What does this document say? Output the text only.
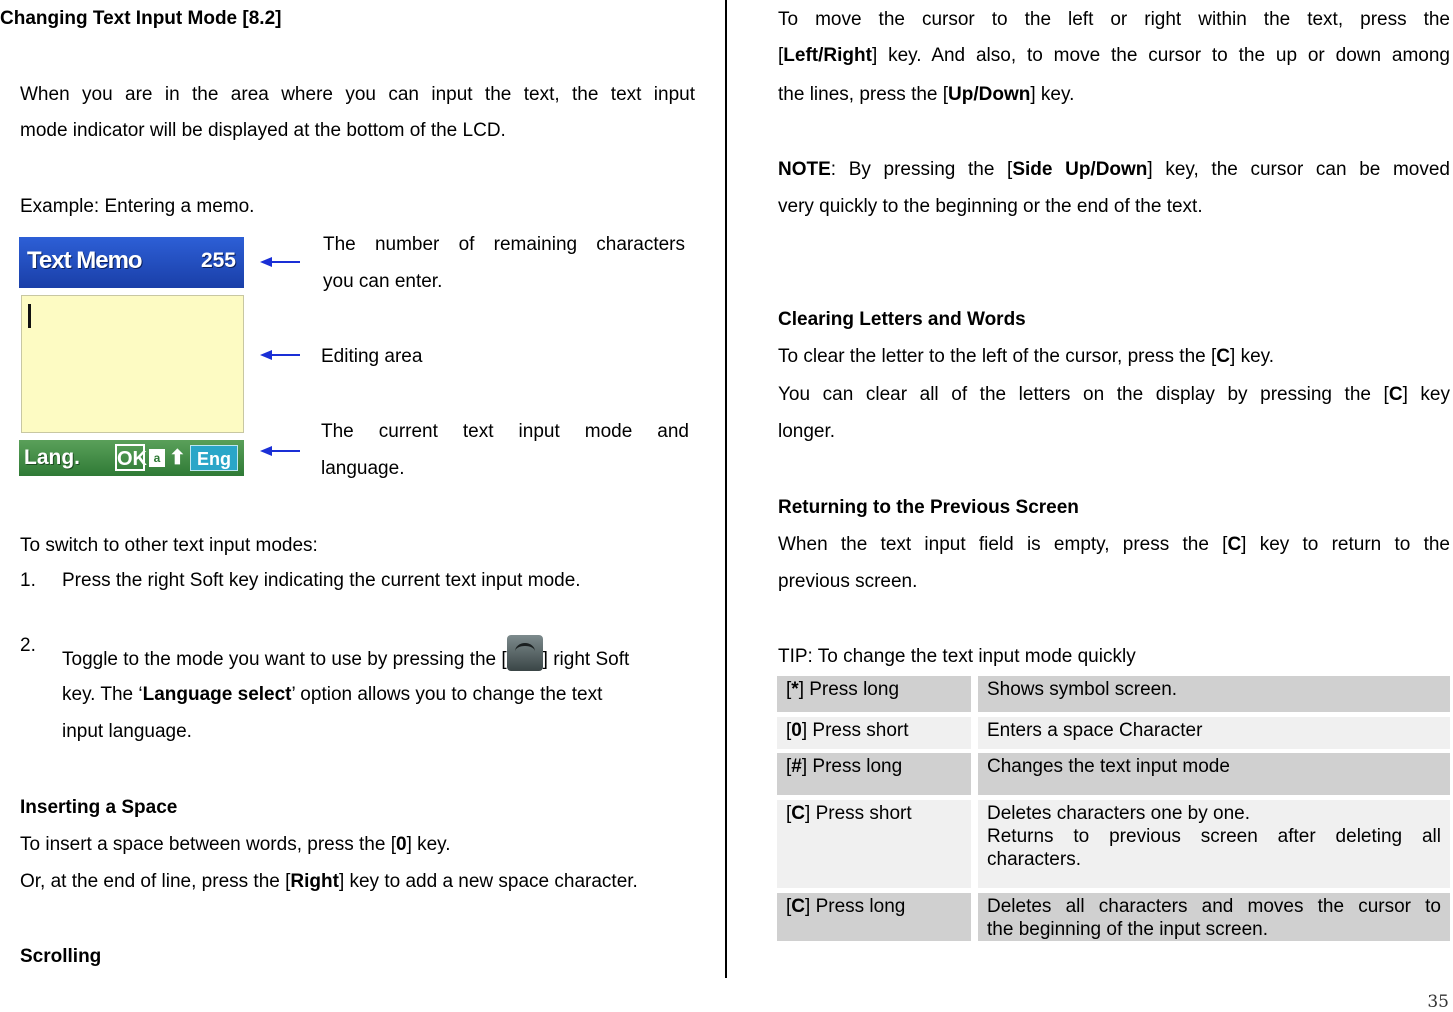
Changing Text Input Mode [8.2]
When you are in the area where you can input the text, the text input
mode indicator will be displayed at the bottom of the LCD.
Example: Entering a memo.
Text Memo	255
Lang. OK a ⬆ Eng
The number of remaining characters
you can enter.
Editing area
The current text input mode and
language.
To switch to other text input modes:
1. Press the right Soft key indicating the current text input mode.
2.
Toggle to the mode you want to use by pressing the [ ] right Soft
key. The ‘Language select’ option allows you to change the text
input language.
Inserting a Space
To insert a space between words, press the [0] key.
Or, at the end of line, press the [Right] key to add a new space character.
Scrolling
To move the cursor to the left or right within the text, press the
[Left/Right] key. And also, to move the cursor to the up or down among
the lines, press the [Up/Down] key.
NOTE: By pressing the [Side Up/Down] key, the cursor can be moved
very quickly to the beginning or the end of the text.
Clearing Letters and Words
To clear the letter to the left of the cursor, press the [C] key.
You can clear all of the letters on the display by pressing the [C] key
longer.
Returning to the Previous Screen
When the text input field is empty, press the [C] key to return to the
previous screen.
TIP: To change the text input mode quickly
[*] Press long	Shows symbol screen.
[0] Press short	Enters a space Character
[#] Press long	Changes the text input mode
[C] Press short	Deletes characters one by one.
Returns to previous screen after deleting all
characters.
[C] Press long	Deletes all characters and moves the cursor to
the beginning of the input screen.
35
